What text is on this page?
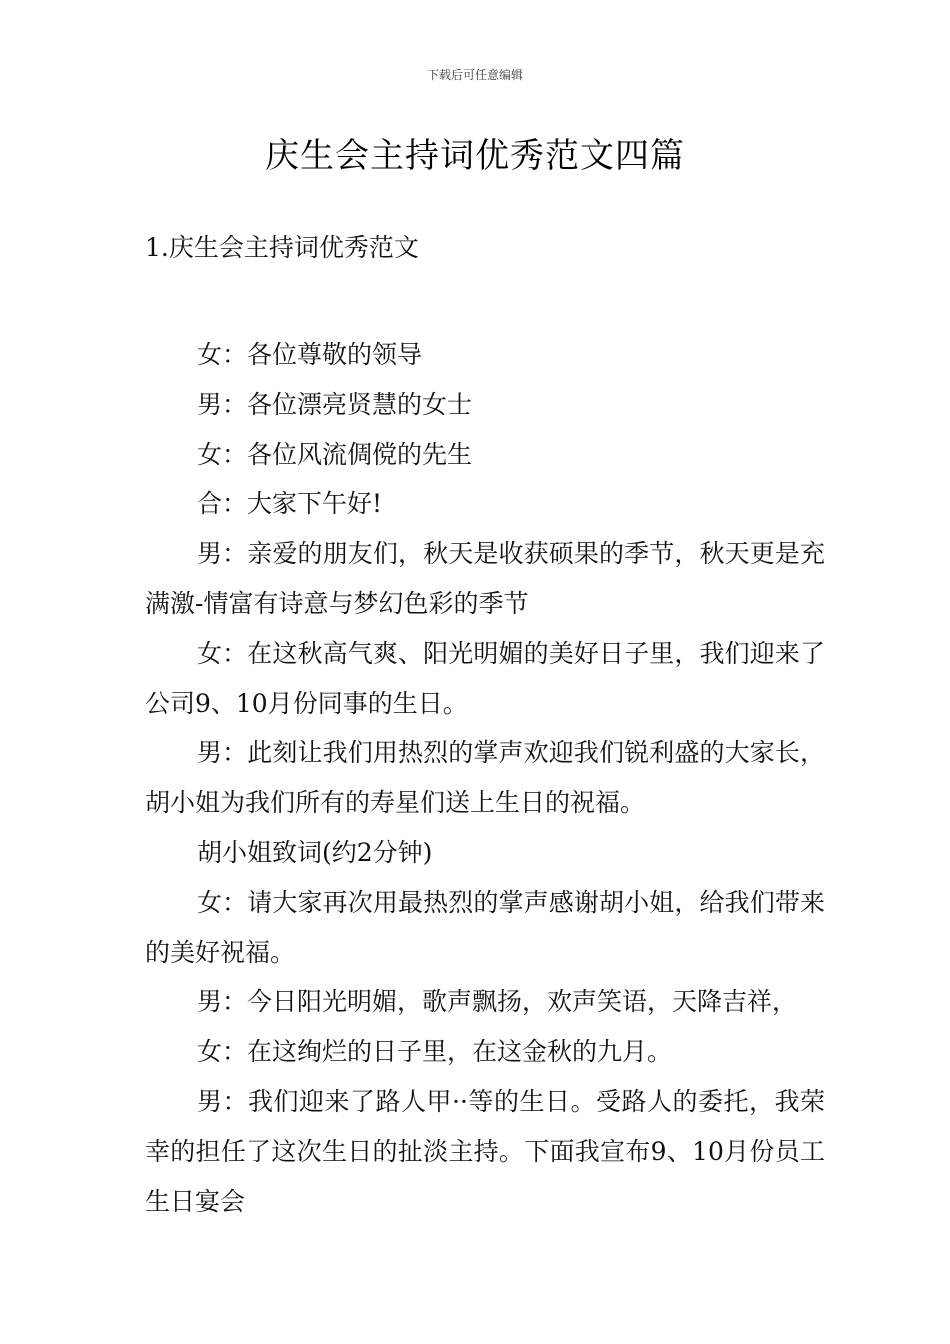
下载后可任意编辑
庆生会主持词优秀范文四篇
1.庆生会主持词优秀范文

女：各位尊敬的领导

男：各位漂亮贤慧的女士

女：各位风流倜傥的先生

合：大家下午好!

男：亲爱的朋友们，秋天是收获硕果的季节，秋天更是充满激-情富有诗意与梦幻色彩的季节

女：在这秋高气爽、阳光明媚的美好日子里，我们迎来了公司9、10月份同事的生日。

男：此刻让我们用热烈的掌声欢迎我们锐利盛的大家长，胡小姐为我们所有的寿星们送上生日的祝福。

胡小姐致词(约2分钟)

女：请大家再次用最热烈的掌声感谢胡小姐，给我们带来的美好祝福。

男：今日阳光明媚，歌声飘扬，欢声笑语，天降吉祥，

女：在这绚烂的日子里，在这金秋的九月。

男：我们迎来了路人甲··等的生日。受路人的委托，我荣幸的担任了这次生日的扯淡主持。下面我宣布9、10月份员工生日宴会
